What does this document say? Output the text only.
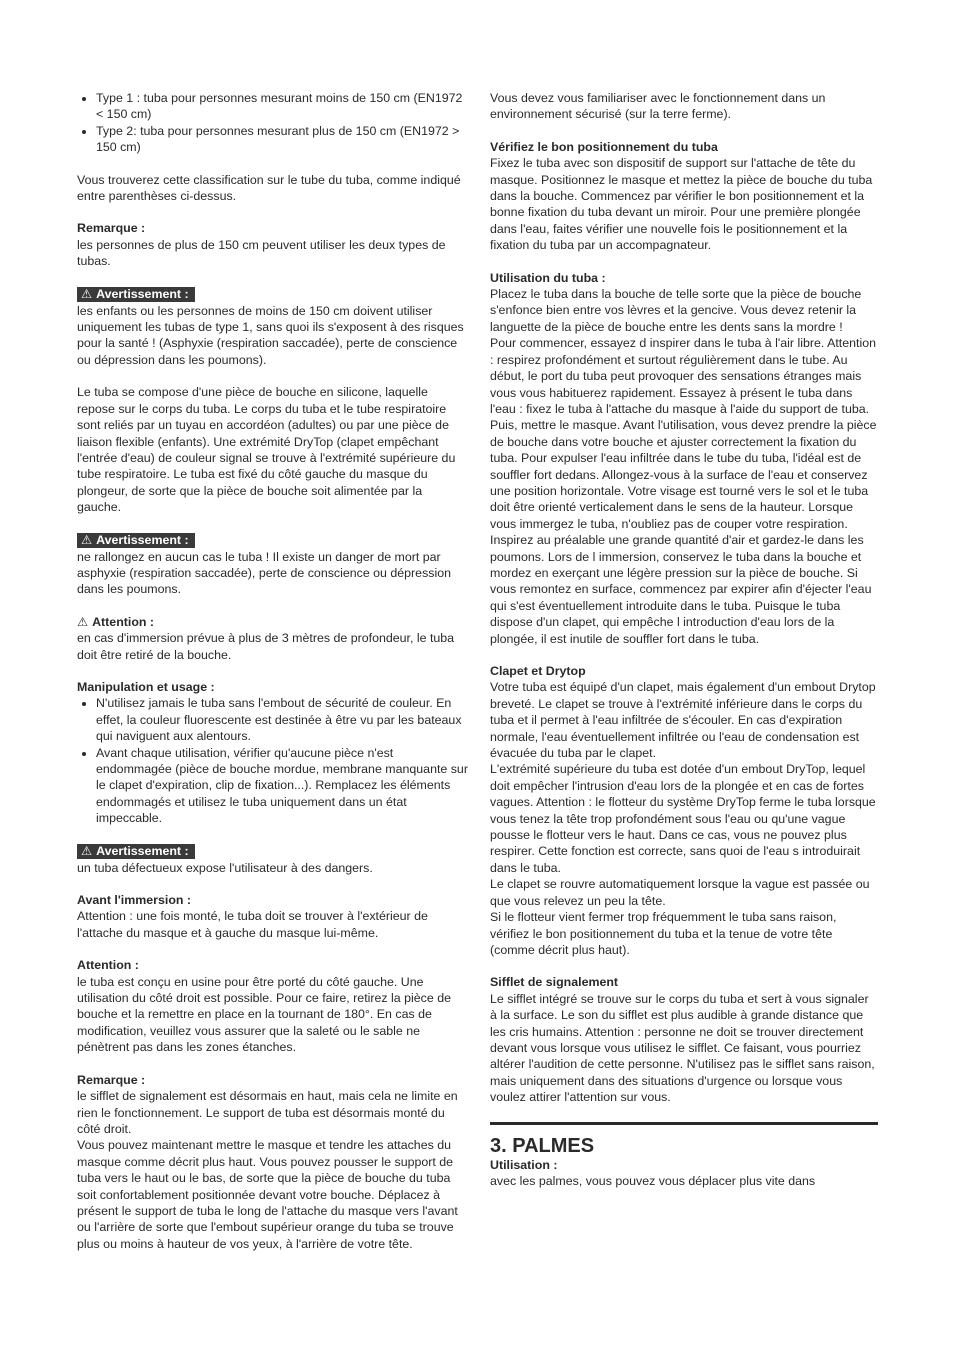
• Type 1 : tuba pour personnes mesurant moins de 150 cm (EN1972 < 150 cm)
• Type 2: tuba pour personnes mesurant plus de 150 cm (EN1972 > 150 cm)

Vous trouverez cette classification sur le tube du tuba, comme indiqué entre parenthèses ci-dessus.

Remarque :

les personnes de plus de 150 cm peuvent utiliser les deux types de tubas.

⚠ Avertissement :

les enfants ou les personnes de moins de 150 cm doivent utiliser uniquement les tubas de type 1, sans quoi ils s'exposent à des risques pour la santé ! (Asphyxie (respiration saccadée), perte de conscience ou dépression dans les poumons).

Le tuba se compose d'une pièce de bouche en silicone, laquelle repose sur le corps du tuba. Le corps du tuba et le tube respiratoire sont reliés par un tuyau en accordéon (adultes) ou par une pièce de liaison flexible (enfants). Une extrémité DryTop (clapet empêchant l'entrée d'eau) de couleur signal se trouve à l'extrémité supérieure du tube respiratoire. Le tuba est fixé du côté gauche du masque du plongeur, de sorte que la pièce de bouche soit alimentée par la gauche.

⚠ Avertissement :

ne rallongez en aucun cas le tuba ! Il existe un danger de mort par asphyxie (respiration saccadée), perte de conscience ou dépression dans les poumons.

⚠ Attention :

en cas d'immersion prévue à plus de 3 mètres de profondeur, le tuba doit être retiré de la bouche.

Manipulation et usage :

• N'utilisez jamais le tuba sans l'embout de sécurité de couleur. En effet, la couleur fluorescente est destinée à être vu par les bateaux qui naviguent aux alentours.
• Avant chaque utilisation, vérifier qu'aucune pièce n'est endommagée (pièce de bouche mordue, membrane manquante sur le clapet d'expiration, clip de fixation...). Remplacez les éléments endommagés et utilisez le tuba uniquement dans un état impeccable.
⚠ Avertissement :

un tuba défectueux expose l'utilisateur à des dangers.

Avant l'immersion :

Attention : une fois monté, le tuba doit se trouver à l'extérieur de l'attache du masque et à gauche du masque lui-même.

Attention :

le tuba est conçu en usine pour être porté du côté gauche. Une utilisation du côté droit est possible. Pour ce faire, retirez la pièce de bouche et la remettre en place en la tournant de 180°. En cas de modification, veuillez vous assurer que la saleté ou le sable ne pénètrent pas dans les zones étanches.

Remarque :

le sifflet de signalement est désormais en haut, mais cela ne limite en rien le fonctionnement. Le support de tuba est désormais monté du côté droit.

Vous pouvez maintenant mettre le masque et tendre les attaches du masque comme décrit plus haut. Vous pouvez pousser le support de tuba vers le haut ou le bas, de sorte que la pièce de bouche du tuba soit confortablement positionnée devant votre bouche. Déplacez à présent le support de tuba le long de l'attache du masque vers l'avant ou l'arrière de sorte que l'embout supérieur orange du tuba se trouve plus ou moins à hauteur de vos yeux, à l'arrière de votre tête.

Vous devez vous familiariser avec le fonctionnement dans un environnement sécurisé (sur la terre ferme).

Vérifiez le bon positionnement du tuba

Fixez le tuba avec son dispositif de support sur l'attache de tête du masque. Positionnez le masque et mettez la pièce de bouche du tuba dans la bouche. Commencez par vérifier le bon positionnement et la bonne fixation du tuba devant un miroir. Pour une première plongée dans l'eau, faites vérifier une nouvelle fois le positionnement et la fixation du tuba par un accompagnateur.

Utilisation du tuba :

Placez le tuba dans la bouche de telle sorte que la pièce de bouche s'enfonce bien entre vos lèvres et la gencive. Vous devez retenir la languette de la pièce de bouche entre les dents sans la mordre !

Pour commencer, essayez d inspirer dans le tuba à l'air libre. Attention : respirez profondément et surtout régulièrement dans le tube. Au début, le port du tuba peut provoquer des sensations étranges mais vous vous habituerez rapidement. Essayez à présent le tuba dans l'eau : fixez le tuba à l'attache du masque à l'aide du support de tuba. Puis, mettre le masque. Avant l'utilisation, vous devez prendre la pièce de bouche dans votre bouche et ajuster correctement la fixation du tuba. Pour expulser l'eau infiltrée dans le tube du tuba, l'idéal est de souffler fort dedans. Allongez-vous à la surface de l'eau et conservez une position horizontale. Votre visage est tourné vers le sol et le tuba doit être orienté verticalement dans le sens de la hauteur. Lorsque vous immergez le tuba, n'oubliez pas de couper votre respiration. Inspirez au préalable une grande quantité d'air et gardez-le dans les poumons. Lors de l immersion, conservez le tuba dans la bouche et mordez en exerçant une légère pression sur la pièce de bouche. Si vous remontez en surface, commencez par expirer afin d'éjecter l'eau qui s'est éventuellement introduite dans le tuba. Puisque le tuba dispose d'un clapet, qui empêche l introduction d'eau lors de la plongée, il est inutile de souffler fort dans le tuba.

Clapet et Drytop

Votre tuba est équipé d'un clapet, mais également d'un embout Drytop breveté. Le clapet se trouve à l'extrémité inférieure dans le corps du tuba et il permet à l'eau infiltrée de s'écouler. En cas d'expiration normale, l'eau éventuellement infiltrée ou l'eau de condensation est évacuée du tuba par le clapet.

L'extrémité supérieure du tuba est dotée d'un embout DryTop, lequel doit empêcher l'intrusion d'eau lors de la plongée et en cas de fortes vagues. Attention : le flotteur du système DryTop ferme le tuba lorsque vous tenez la tête trop profondément sous l'eau ou qu'une vague pousse le flotteur vers le haut. Dans ce cas, vous ne pouvez plus respirer. Cette fonction est correcte, sans quoi de l'eau s introduirait dans le tuba.

Le clapet se rouvre automatiquement lorsque la vague est passée ou que vous relevez un peu la tête.

Si le flotteur vient fermer trop fréquemment le tuba sans raison, vérifiez le bon positionnement du tuba et la tenue de votre tête (comme décrit plus haut).

Sifflet de signalement

Le sifflet intégré se trouve sur le corps du tuba et sert à vous signaler à la surface. Le son du sifflet est plus audible à grande distance que les cris humains. Attention : personne ne doit se trouver directement devant vous lorsque vous utilisez le sifflet. Ce faisant, vous pourriez altérer l'audition de cette personne. N'utilisez pas le sifflet sans raison, mais uniquement dans des situations d'urgence ou lorsque vous voulez attirer l'attention sur vous.

3. PALMES

Utilisation :

avec les palmes, vous pouvez vous déplacer plus vite dans
